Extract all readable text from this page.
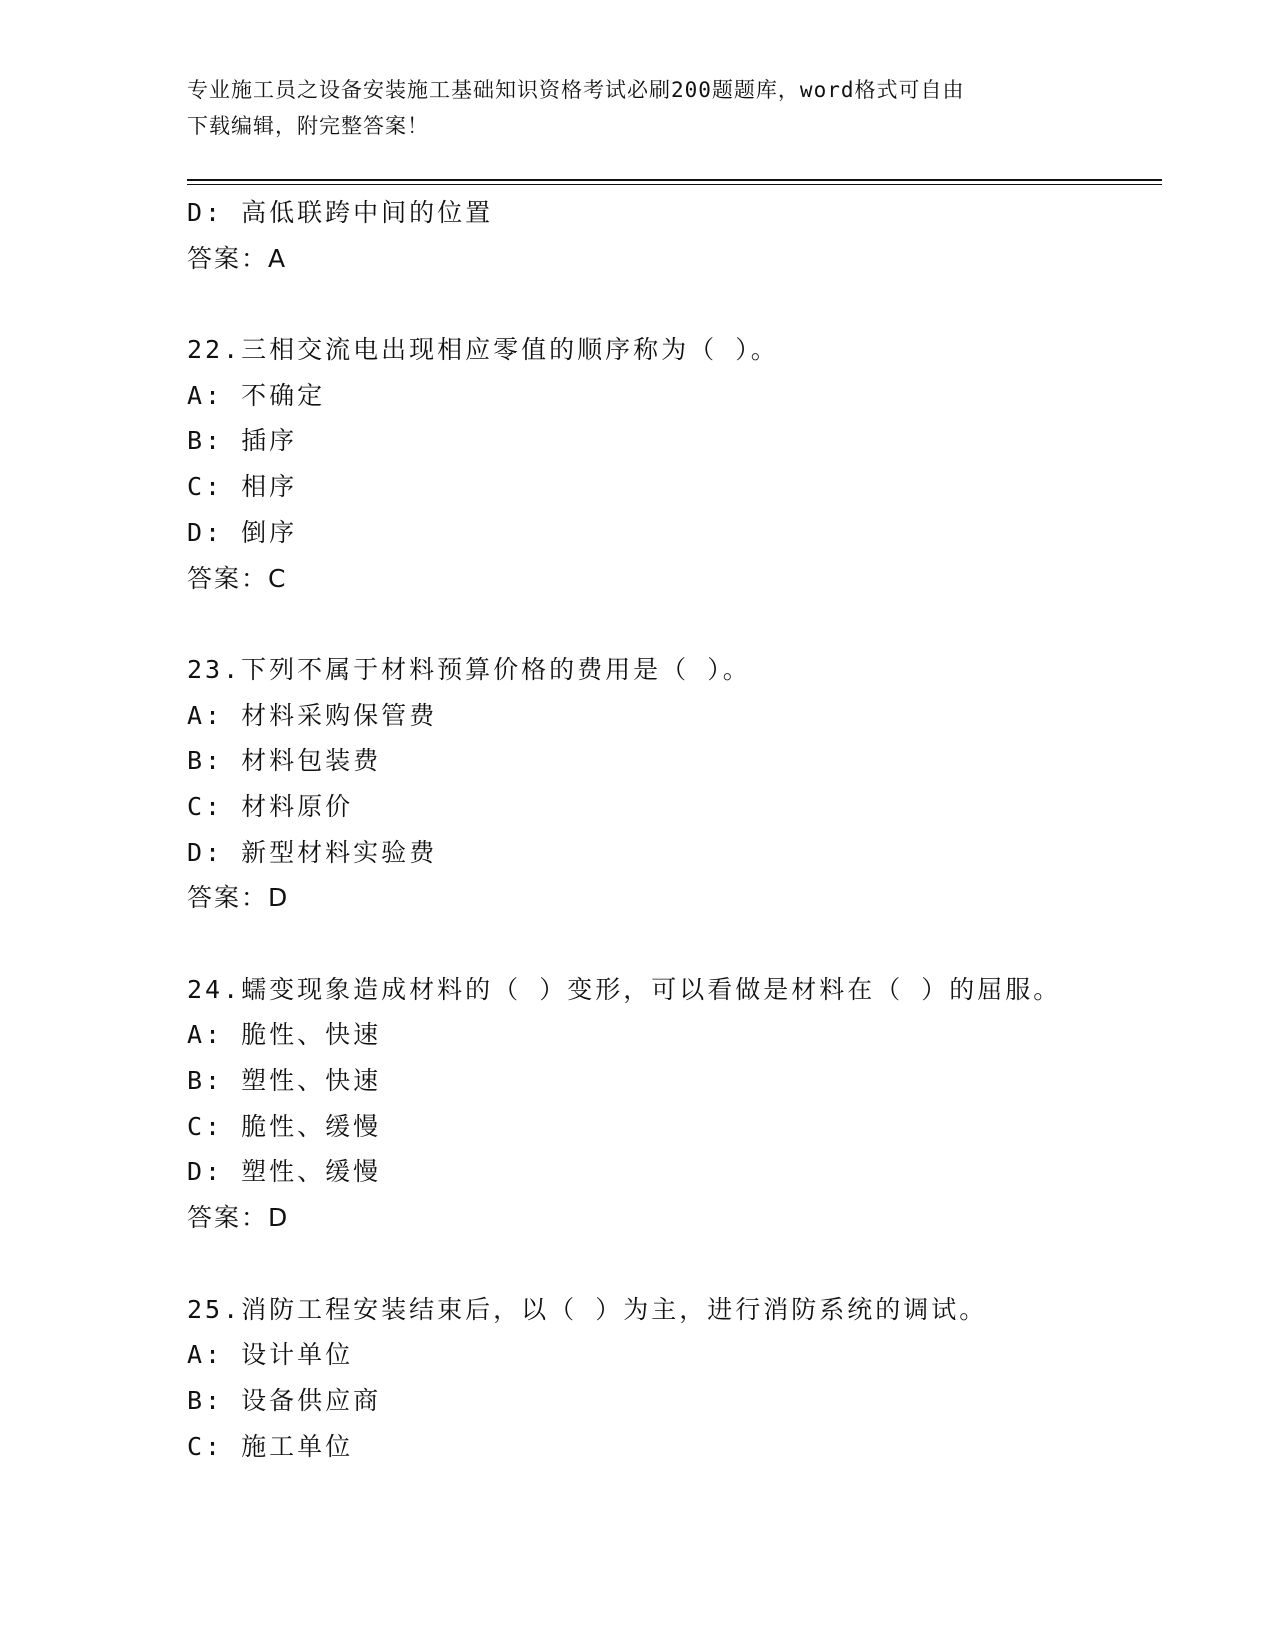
专业施工员之设备安装施工基础知识资格考试必刷200题题库，word格式可自由
下载编辑，附完整答案！
D: 高低联跨中间的位置
答案：A
22.三相交流电出现相应零值的顺序称为（ ）。
A: 不确定
B: 插序
C: 相序
D: 倒序
答案：C
23.下列不属于材料预算价格的费用是（ ）。
A: 材料采购保管费
B: 材料包装费
C: 材料原价
D: 新型材料实验费
答案：D
24.蠕变现象造成材料的（ ）变形，可以看做是材料在（ ）的屈服。
A: 脆性、快速
B: 塑性、快速
C: 脆性、缓慢
D: 塑性、缓慢
答案：D
25.消防工程安装结束后，以（ ）为主，进行消防系统的调试。
A: 设计单位
B: 设备供应商
C: 施工单位
